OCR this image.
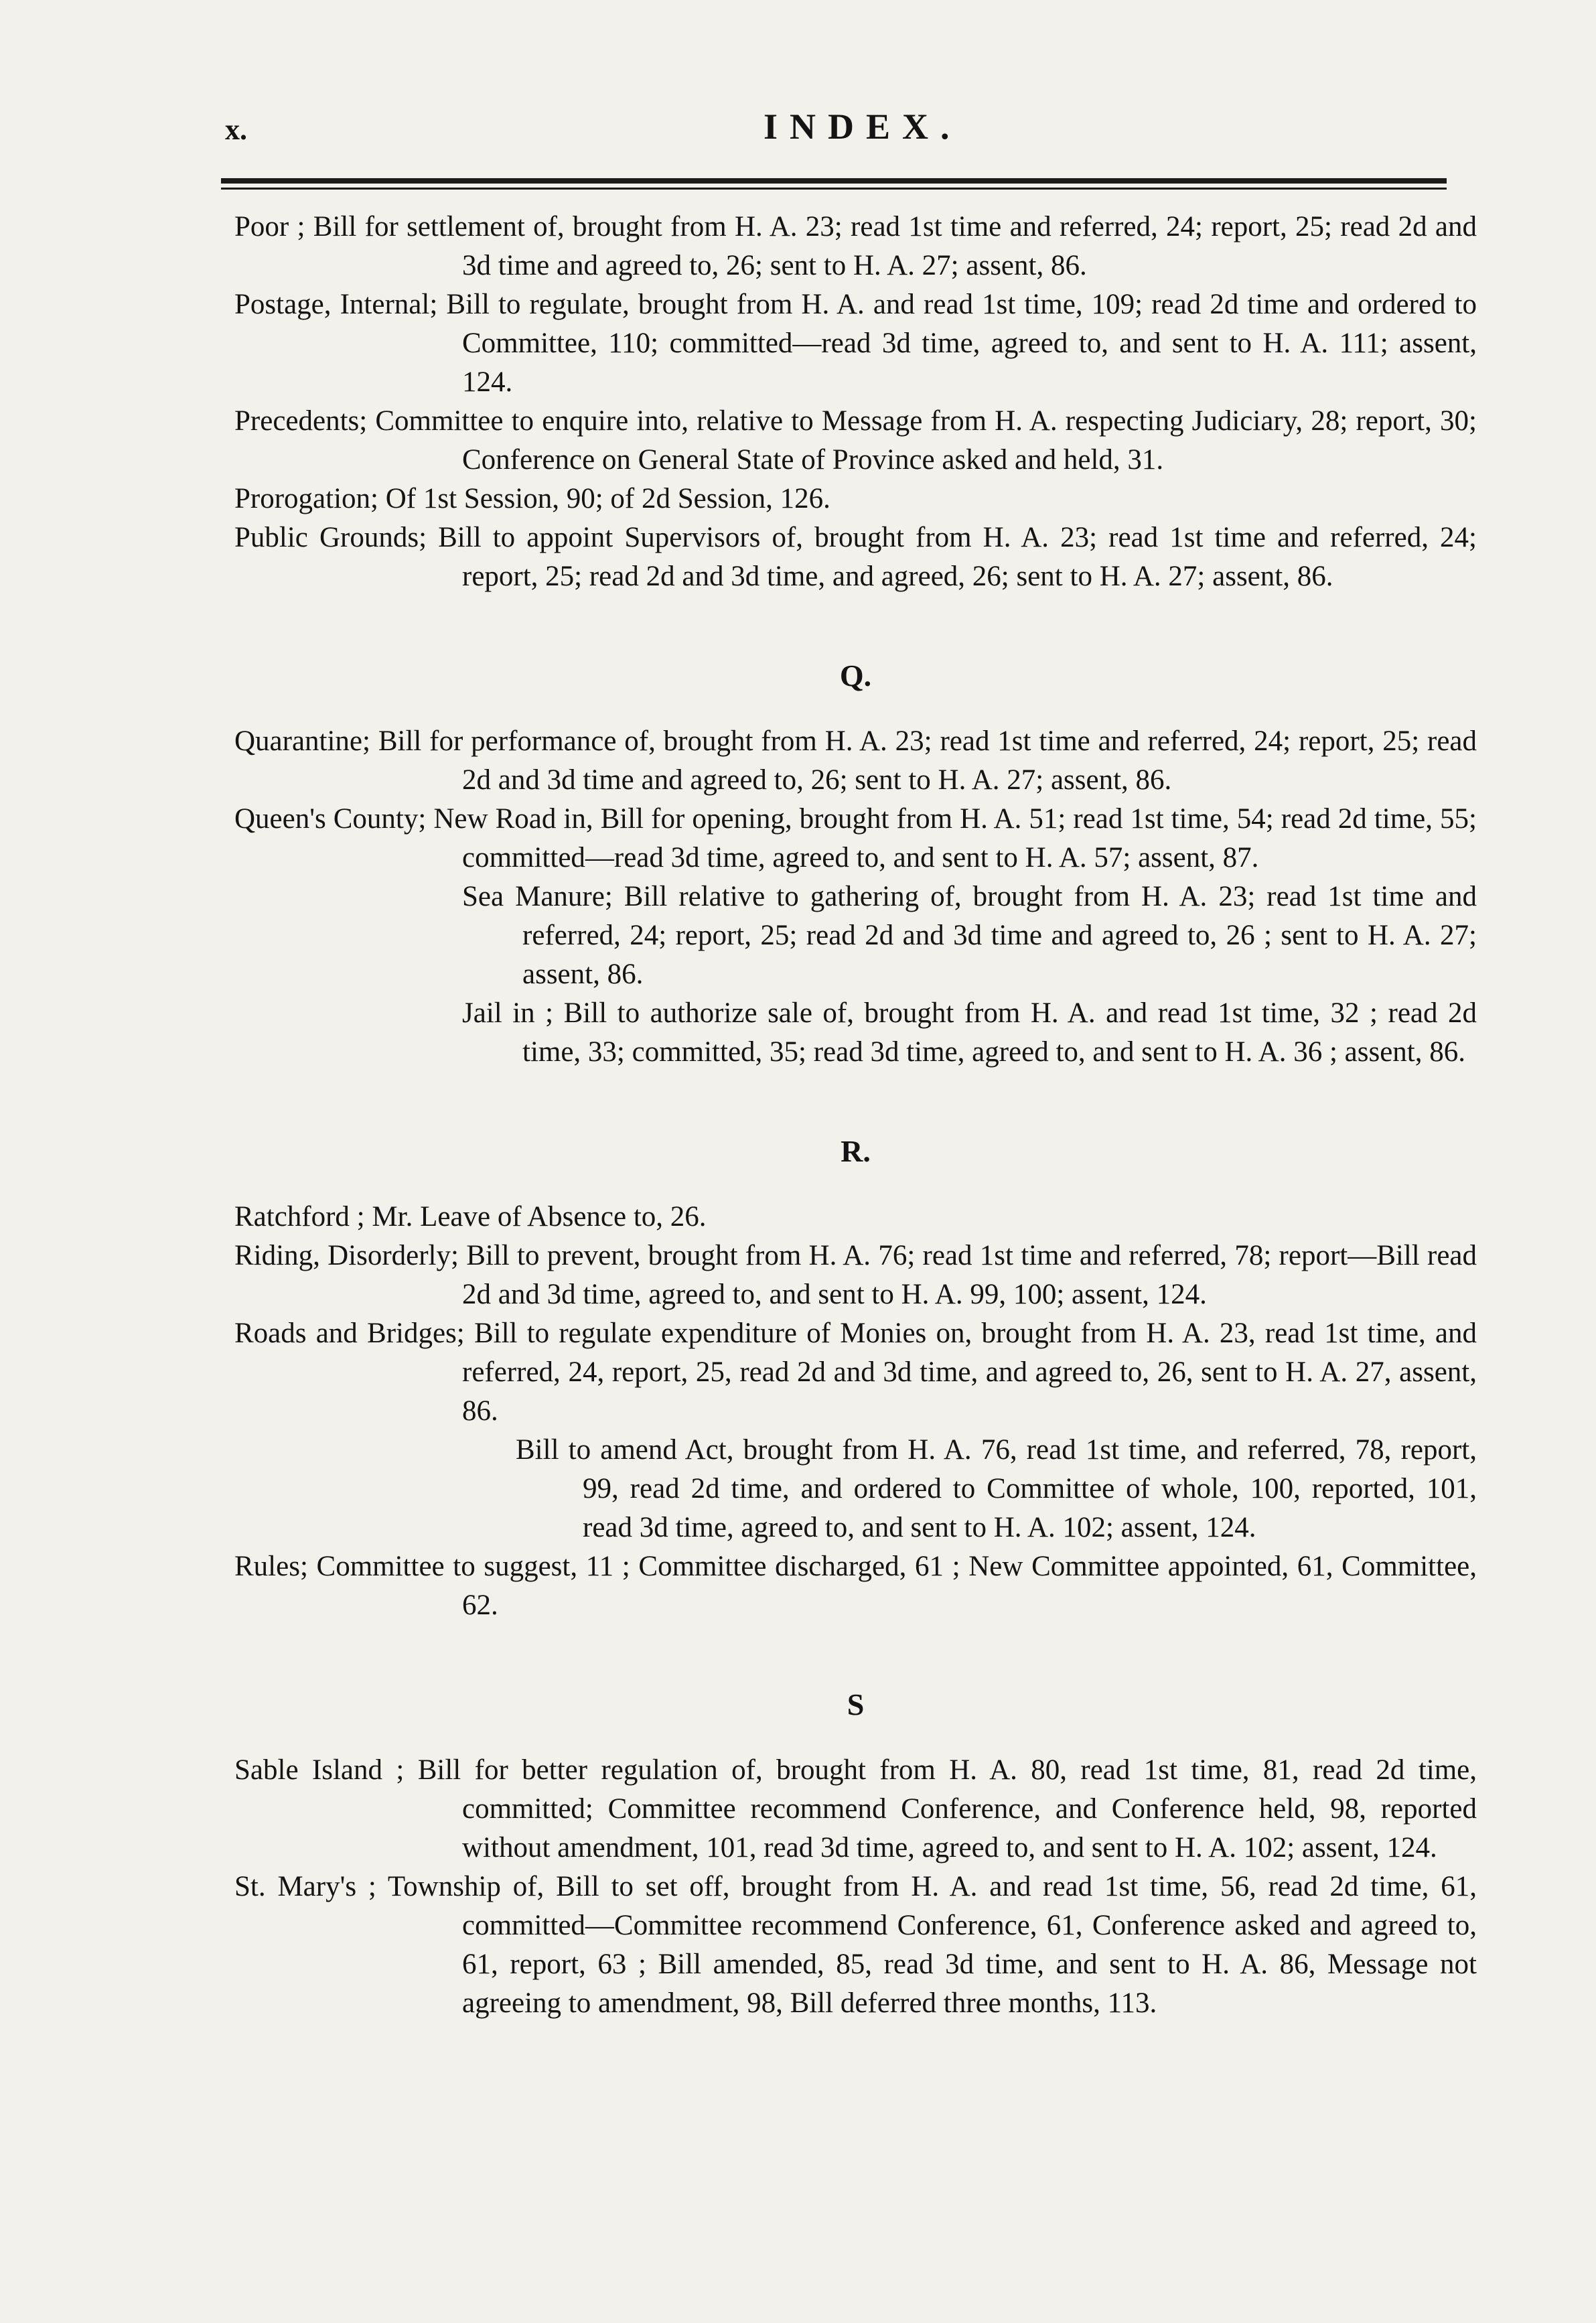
x.	INDEX.
Poor ; Bill for settlement of, brought from H. A. 23; read 1st time and referred, 24; report, 25; read 2d and 3d time and agreed to, 26; sent to H. A. 27; assent, 86.
Postage, Internal; Bill to regulate, brought from H. A. and read 1st time, 109; read 2d time and ordered to Committee, 110; committed—read 3d time, agreed to, and sent to H. A. 111; assent, 124.
Precedents; Committee to enquire into, relative to Message from H. A. respecting Judiciary, 28; report, 30; Conference on General State of Province asked and held, 31.
Prorogation; Of 1st Session, 90; of 2d Session, 126.
Public Grounds; Bill to appoint Supervisors of, brought from H. A. 23; read 1st time and referred, 24; report, 25; read 2d and 3d time, and agreed, 26; sent to H. A. 27; assent, 86.
Q.
Quarantine; Bill for performance of, brought from H. A. 23; read 1st time and referred, 24; report, 25; read 2d and 3d time and agreed to, 26; sent to H. A. 27; assent, 86.
Queen's County; New Road in, Bill for opening, brought from H. A. 51; read 1st time, 54; read 2d time, 55; committed—read 3d time, agreed to, and sent to H. A. 57; assent, 87.
Sea Manure; Bill relative to gathering of, brought from H. A. 23; read 1st time and referred, 24; report, 25; read 2d and 3d time and agreed to, 26 ; sent to H. A. 27; assent, 86.
Jail in ; Bill to authorize sale of, brought from H. A. and read 1st time, 32 ; read 2d time, 33; committed, 35; read 3d time, agreed to, and sent to H. A. 36 ; assent, 86.
R.
Ratchford ; Mr. Leave of Absence to, 26.
Riding, Disorderly; Bill to prevent, brought from H. A. 76; read 1st time and referred, 78; report—Bill read 2d and 3d time, agreed to, and sent to H. A. 99, 100; assent, 124.
Roads and Bridges; Bill to regulate expenditure of Monies on, brought from H. A. 23, read 1st time, and referred, 24, report, 25, read 2d and 3d time, and agreed to, 26, sent to H. A. 27, assent, 86.
Bill to amend Act, brought from H. A. 76, read 1st time, and referred, 78, report, 99, read 2d time, and ordered to Committee of whole, 100, reported, 101, read 3d time, agreed to, and sent to H. A. 102; assent, 124.
Rules; Committee to suggest, 11 ; Committee discharged, 61 ; New Committee appointed, 61, Committee, 62.
S
Sable Island ; Bill for better regulation of, brought from H. A. 80, read 1st time, 81, read 2d time, committed; Committee recommend Conference, and Conference held, 98, reported without amendment, 101, read 3d time, agreed to, and sent to H. A. 102; assent, 124.
St. Mary's ; Township of, Bill to set off, brought from H. A. and read 1st time, 56, read 2d time, 61, committed—Committee recommend Conference, 61, Conference asked and agreed to, 61, report, 63 ; Bill amended, 85, read 3d time, and sent to H. A. 86, Message not agreeing to amendment, 98, Bill deferred three months, 113.
